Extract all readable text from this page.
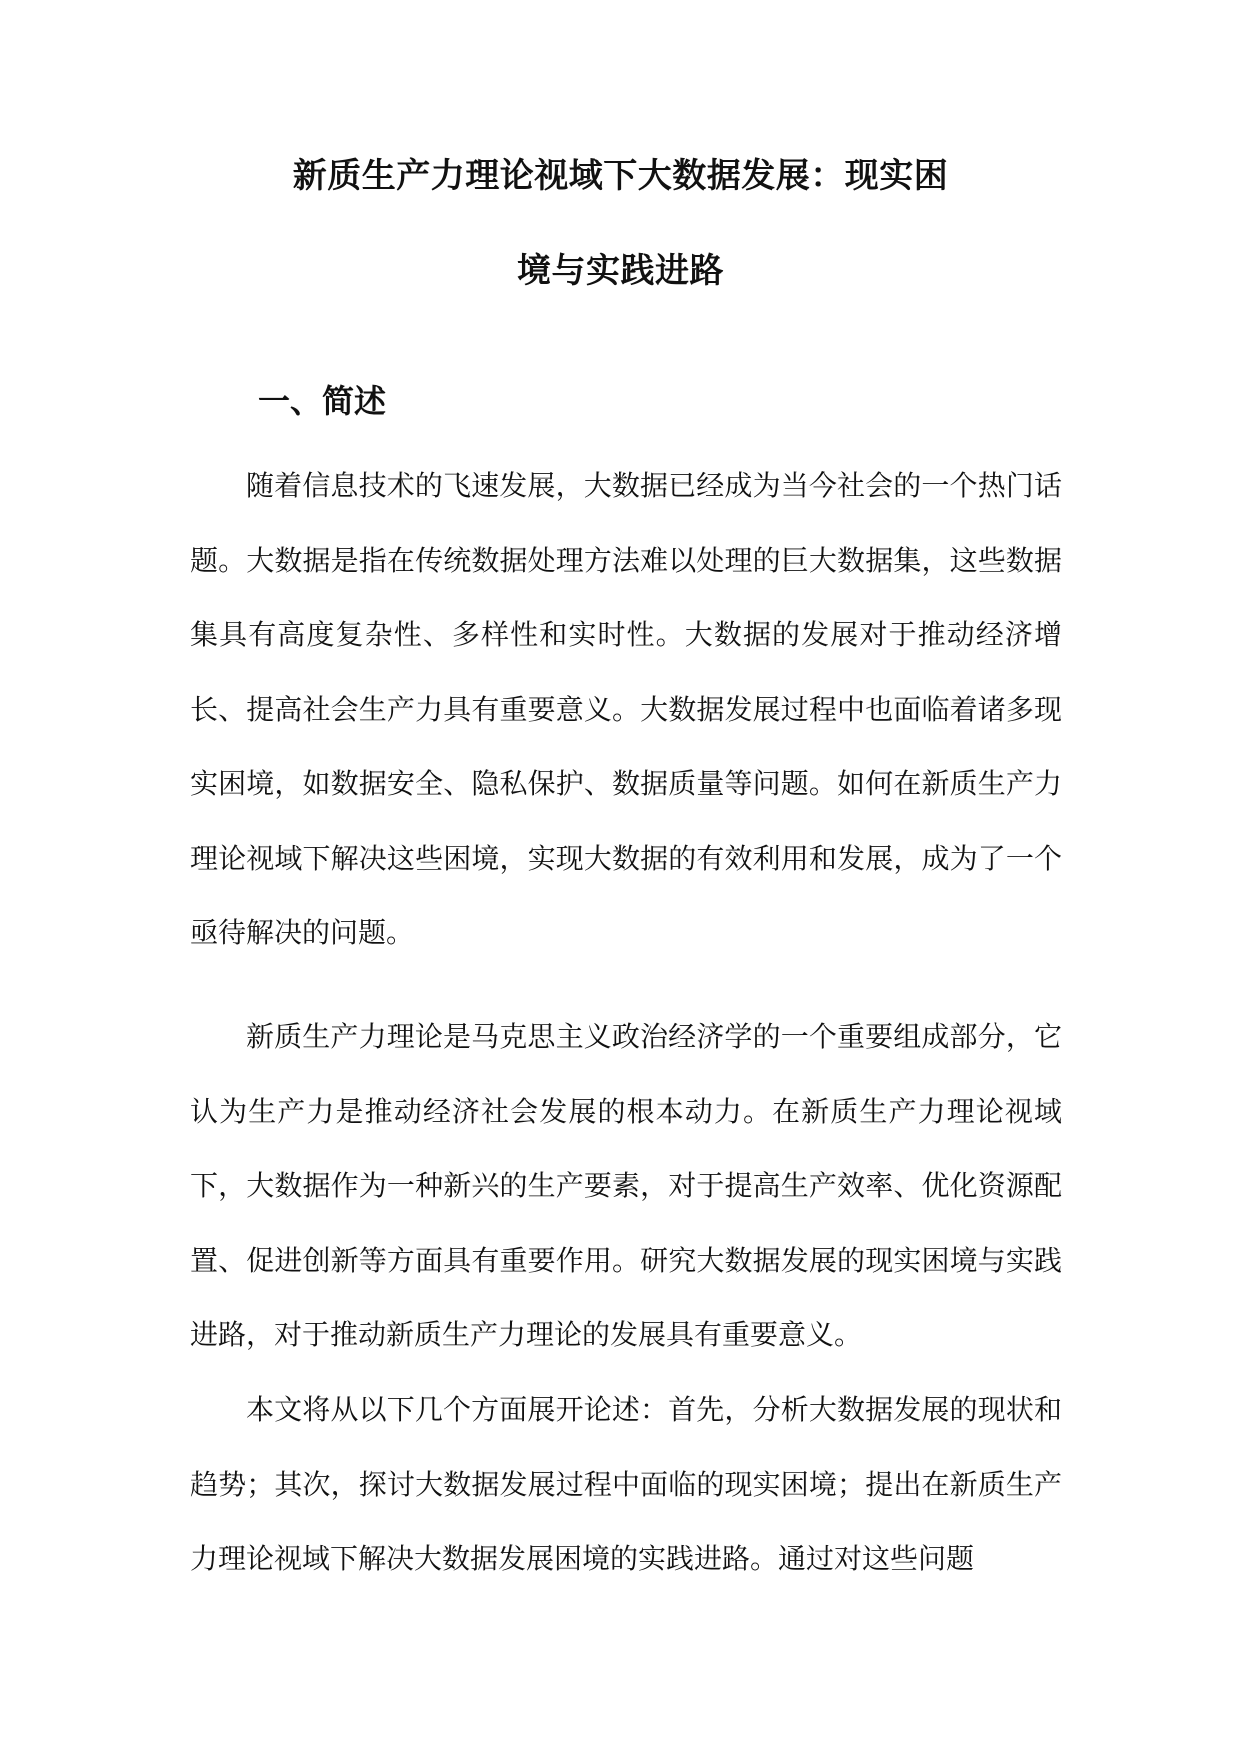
新质生产力理论视域下大数据发展：现实困
境与实践进路
一、简述

随着信息技术的飞速发展，大数据已经成为当今社会的一个热门话题。大数据是指在传统数据处理方法难以处理的巨大数据集，这些数据集具有高度复杂性、多样性和实时性。大数据的发展对于推动经济增长、提高社会生产力具有重要意义。大数据发展过程中也面临着诸多现实困境，如数据安全、隐私保护、数据质量等问题。如何在新质生产力理论视域下解决这些困境，实现大数据的有效利用和发展，成为了一个亟待解决的问题。

新质生产力理论是马克思主义政治经济学的一个重要组成部分，它认为生产力是推动经济社会发展的根本动力。在新质生产力理论视域下，大数据作为一种新兴的生产要素，对于提高生产效率、优化资源配置、促进创新等方面具有重要作用。研究大数据发展的现实困境与实践进路，对于推动新质生产力理论的发展具有重要意义。

本文将从以下几个方面展开论述：首先，分析大数据发展的现状和趋势；其次，探讨大数据发展过程中面临的现实困境；提出在新质生产力理论视域下解决大数据发展困境的实践进路。通过对这些问题
